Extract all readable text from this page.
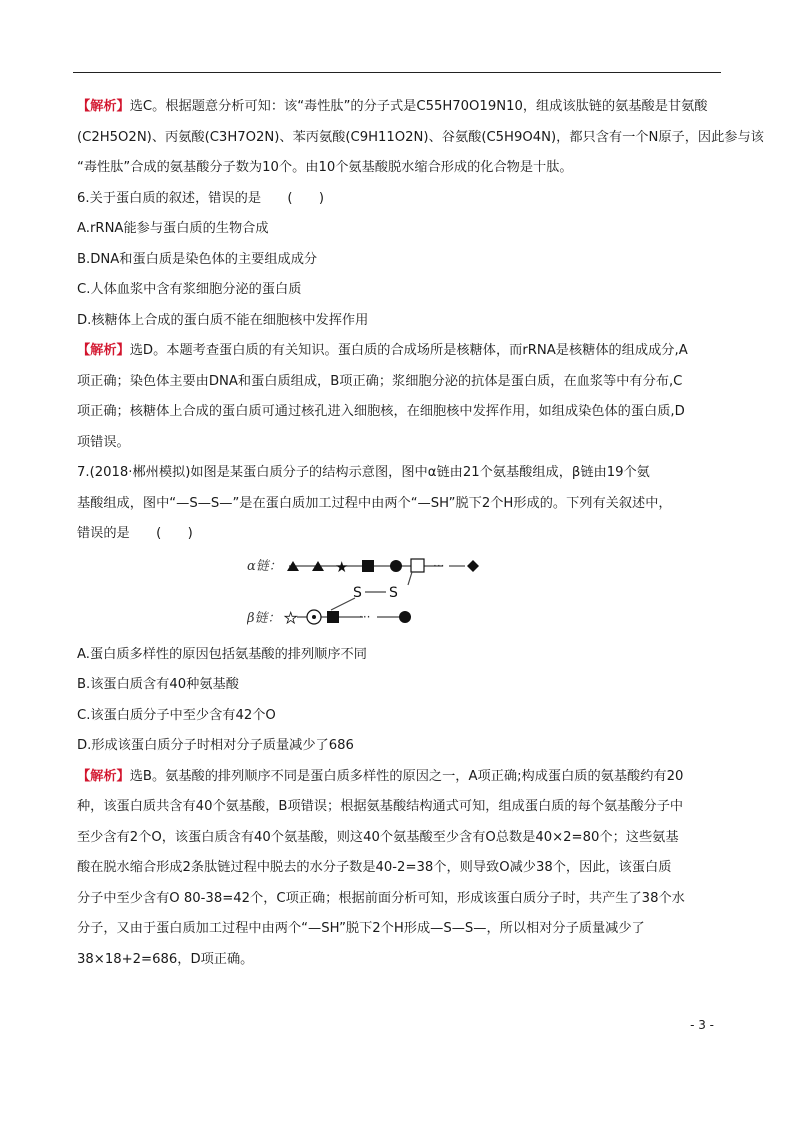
【解析】选C。根据题意分析可知：该“毒性肽”的分子式是C55H70O19N10，组成该肽链的氨基酸是甘氨酸
(C2H5O2N)、丙氨酸(C3H7O2N)、苯丙氨酸(C9H11O2N)、谷氨酸(C5H9O4N)，都只含有一个N原子，因此参与该
“毒性肽”合成的氨基酸分子数为10个。由10个氨基酸脱水缩合形成的化合物是十肽。
6.关于蛋白质的叙述，错误的是　　(　　)
A.rRNA能参与蛋白质的生物合成
B.DNA和蛋白质是染色体的主要组成成分
C.人体血浆中含有浆细胞分泌的蛋白质
D.核糖体上合成的蛋白质不能在细胞核中发挥作用
【解析】选D。本题考查蛋白质的有关知识。蛋白质的合成场所是核糖体，而rRNA是核糖体的组成成分,A
项正确；染色体主要由DNA和蛋白质组成，B项正确；浆细胞分泌的抗体是蛋白质，在血浆等中有分布,C
项正确；核糖体上合成的蛋白质可通过核孔进入细胞核，在细胞核中发挥作用，如组成染色体的蛋白质,D
项错误。
7.(2018·郴州模拟)如图是某蛋白质分子的结构示意图，图中α链由21个氨基酸组成，β链由19个氨
基酸组成，图中“—S—S—”是在蛋白质加工过程中由两个“—SH”脱下2个H形成的。下列有关叙述中，
错误的是　　(　　)
α链：	★	···
S S
β链： ★	···
A.蛋白质多样性的原因包括氨基酸的排列顺序不同
B.该蛋白质含有40种氨基酸
C.该蛋白质分子中至少含有42个O
D.形成该蛋白质分子时相对分子质量减少了686
【解析】选B。氨基酸的排列顺序不同是蛋白质多样性的原因之一，A项正确;构成蛋白质的氨基酸约有20
种，该蛋白质共含有40个氨基酸，B项错误；根据氨基酸结构通式可知，组成蛋白质的每个氨基酸分子中
至少含有2个O，该蛋白质含有40个氨基酸，则这40个氨基酸至少含有O总数是40×2=80个；这些氨基
酸在脱水缩合形成2条肽链过程中脱去的水分子数是40-2=38个，则导致O减少38个，因此，该蛋白质
分子中至少含有O 80-38=42个，C项正确；根据前面分析可知，形成该蛋白质分子时，共产生了38个水
分子，又由于蛋白质加工过程中由两个“—SH”脱下2个H形成—S—S—，所以相对分子质量减少了
38×18+2=686，D项正确。
- 3 -
